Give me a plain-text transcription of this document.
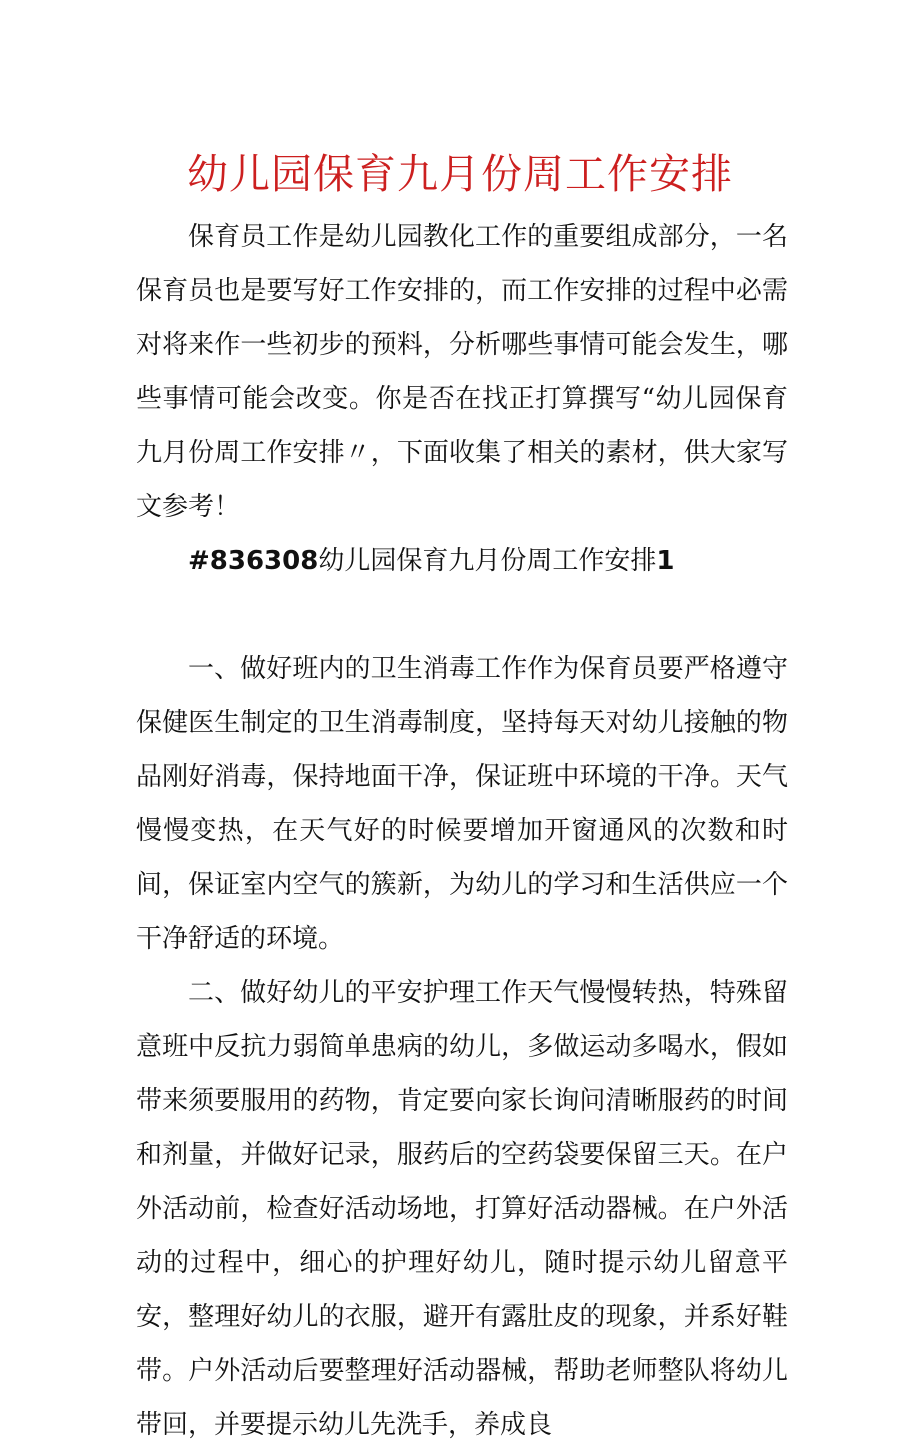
幼儿园保育九月份周工作安排

保育员工作是幼儿园教化工作的重要组成部分，一名保育员也是要写好工作安排的，而工作安排的过程中必需对将来作一些初步的预料，分析哪些事情可能会发生，哪些事情可能会改变。你是否在找正打算撰写“幼儿园保育九月份周工作安排〃，下面收集了相关的素材，供大家写文参考！

#836308幼儿园保育九月份周工作安排1

一、做好班内的卫生消毒工作作为保育员要严格遵守保健医生制定的卫生消毒制度，坚持每天对幼儿接触的物品刚好消毒，保持地面干净，保证班中环境的干净。天气慢慢变热，在天气好的时候要增加开窗通风的次数和时间，保证室内空气的簇新，为幼儿的学习和生活供应一个干净舒适的环境。

二、做好幼儿的平安护理工作天气慢慢转热，特殊留意班中反抗力弱简单患病的幼儿，多做运动多喝水，假如带来须要服用的药物，肯定要向家长询问清晰服药的时间和剂量，并做好记录，服药后的空药袋要保留三天。在户外活动前，检查好活动场地，打算好活动器械。在户外活动的过程中，细心的护理好幼儿，随时提示幼儿留意平安，整理好幼儿的衣服，避开有露肚皮的现象，并系好鞋带。户外活动后要整理好活动器械，帮助老师整队将幼儿带回，并要提示幼儿先洗手，养成良
